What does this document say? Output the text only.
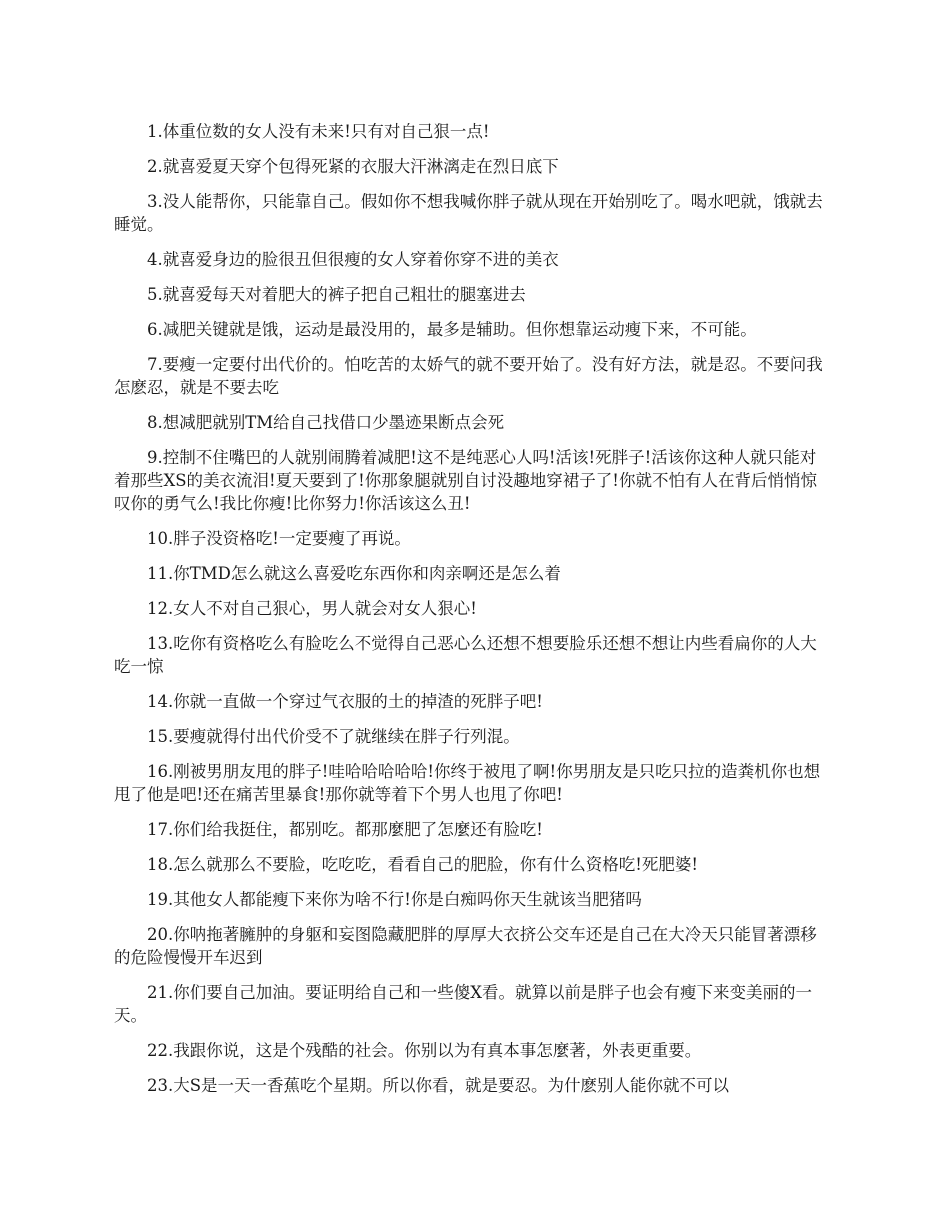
1.体重位数的女人没有未来!只有对自己狠一点!

2.就喜爱夏天穿个包得死紧的衣服大汗淋漓走在烈日底下

3.没人能帮你，只能靠自己。假如你不想我喊你胖子就从现在开始别吃了。喝水吧就，饿就去睡觉。

4.就喜爱身边的脸很丑但很瘦的女人穿着你穿不进的美衣

5.就喜爱每天对着肥大的裤子把自己粗壮的腿塞进去

6.减肥关键就是饿，运动是最没用的，最多是辅助。但你想靠运动瘦下来，不可能。

7.要瘦一定要付出代价的。怕吃苦的太娇气的就不要开始了。没有好方法，就是忍。不要问我怎麽忍，就是不要去吃

8.想减肥就别TM给自己找借口少墨迹果断点会死

9.控制不住嘴巴的人就别闹腾着减肥!这不是纯恶心人吗!活该!死胖子!活该你这种人就只能对着那些XS的美衣流泪!夏天要到了!你那象腿就别自讨没趣地穿裙子了!你就不怕有人在背后悄悄惊叹你的勇气么!我比你瘦!比你努力!你活该这么丑!

10.胖子没资格吃!一定要瘦了再说。

11.你TMD怎么就这么喜爱吃东西你和肉亲啊还是怎么着

12.女人不对自己狠心，男人就会对女人狠心!

13.吃你有资格吃么有脸吃么不觉得自己恶心么还想不想要脸乐还想不想让内些看扁你的人大吃一惊

14.你就一直做一个穿过气衣服的土的掉渣的死胖子吧!

15.要瘦就得付出代价受不了就继续在胖子行列混。

16.刚被男朋友甩的胖子!哇哈哈哈哈哈!你终于被甩了啊!你男朋友是只吃只拉的造粪机你也想甩了他是吧!还在痛苦里暴食!那你就等着下个男人也甩了你吧!

17.你们给我挺住，都别吃。都那麼肥了怎麼还有脸吃!

18.怎么就那么不要脸，吃吃吃，看看自己的肥脸，你有什么资格吃!死肥婆!

19.其他女人都能瘦下来你为啥不行!你是白痴吗你天生就该当肥猪吗

20.你呐拖著臃肿的身躯和妄图隐藏肥胖的厚厚大衣挤公交车还是自己在大冷天只能冒著漂移的危险慢慢开车迟到

21.你们要自己加油。要证明给自己和一些傻X看。就算以前是胖子也会有瘦下来变美丽的一天。

22.我跟你说，这是个残酷的社会。你别以为有真本事怎麼著，外表更重要。

23.大S是一天一香蕉吃个星期。所以你看，就是要忍。为什麽别人能你就不可以
